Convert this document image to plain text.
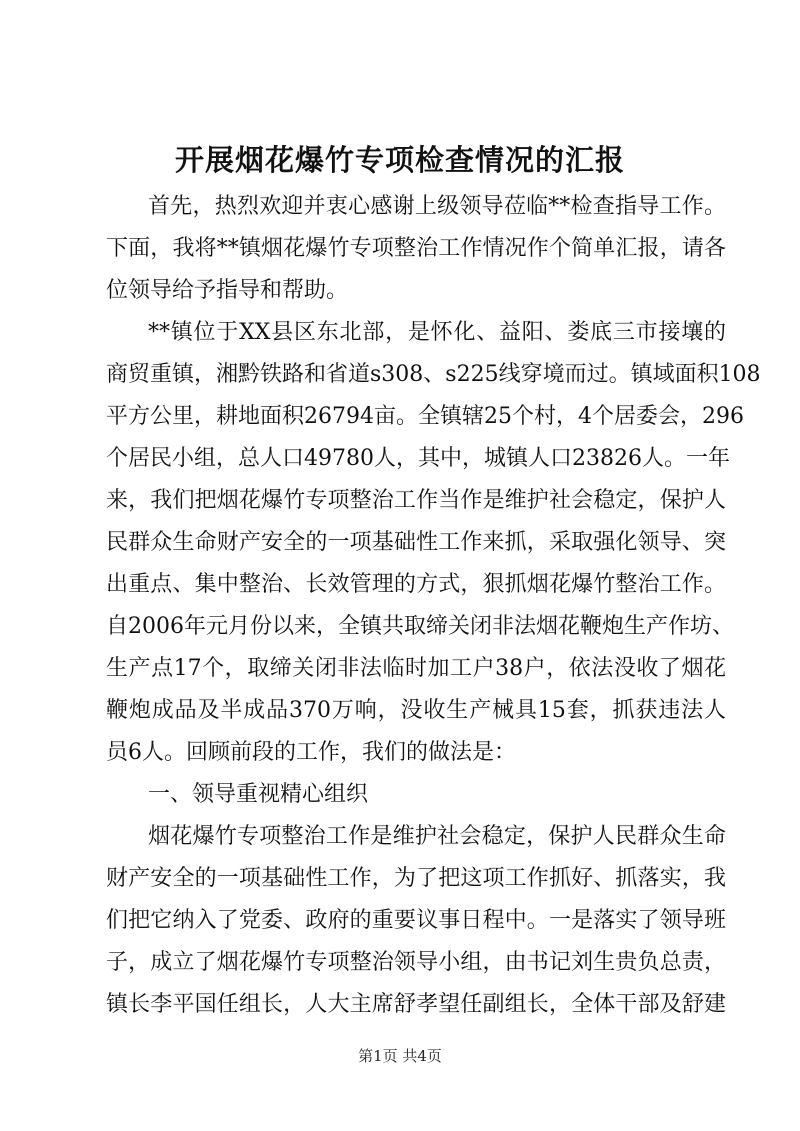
开展烟花爆竹专项检查情况的汇报
首先，热烈欢迎并衷心感谢上级领导莅临**检查指导工作。
下面，我将**镇烟花爆竹专项整治工作情况作个简单汇报，请各
位领导给予指导和帮助。
**镇位于XX县区东北部，是怀化、益阳、娄底三市接壤的
商贸重镇，湘黔铁路和省道s308、s225线穿境而过。镇域面积108
平方公里，耕地面积26794亩。全镇辖25个村，4个居委会，296
个居民小组，总人口49780人，其中，城镇人口23826人。一年
来，我们把烟花爆竹专项整治工作当作是维护社会稳定，保护人
民群众生命财产安全的一项基础性工作来抓，采取强化领导、突
出重点、集中整治、长效管理的方式，狠抓烟花爆竹整治工作。
自2006年元月份以来，全镇共取缔关闭非法烟花鞭炮生产作坊、
生产点17个，取缔关闭非法临时加工户38户，依法没收了烟花
鞭炮成品及半成品370万响，没收生产械具15套，抓获违法人
员6人。回顾前段的工作，我们的做法是：
一、领导重视精心组织
烟花爆竹专项整治工作是维护社会稳定，保护人民群众生命
财产安全的一项基础性工作，为了把这项工作抓好、抓落实，我
们把它纳入了党委、政府的重要议事日程中。一是落实了领导班
子，成立了烟花爆竹专项整治领导小组，由书记刘生贵负总责，
镇长李平国任组长，人大主席舒孝望任副组长，全体干部及舒建
第1页 共4页
